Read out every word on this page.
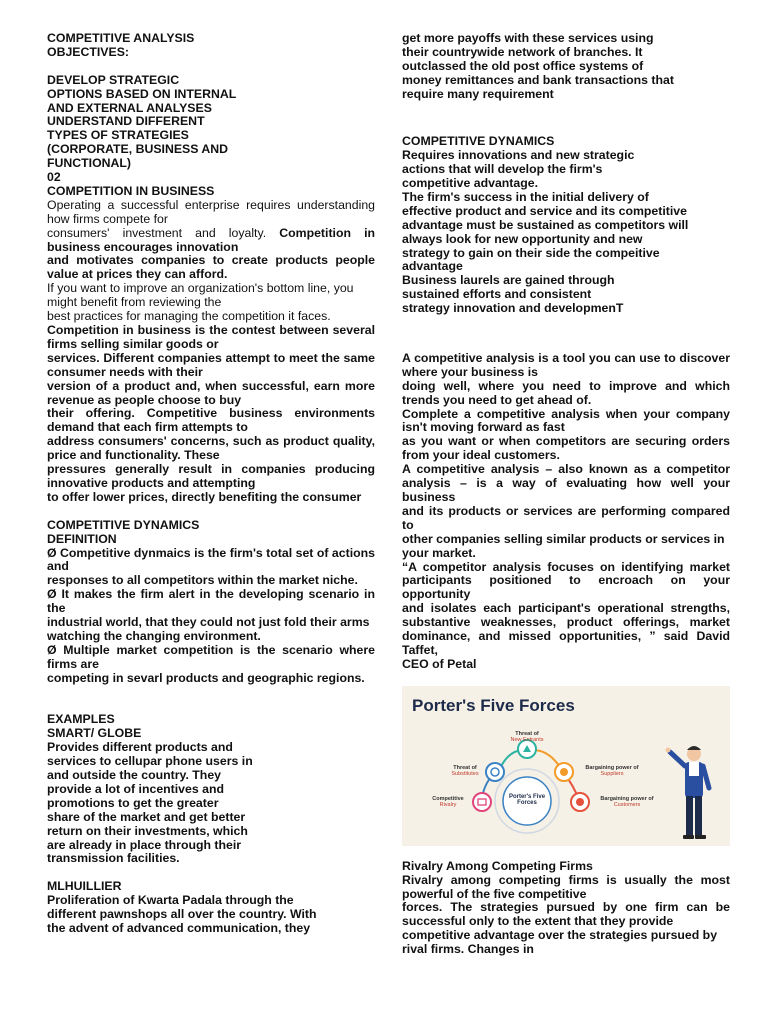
COMPETITIVE ANALYSIS
OBJECTIVES:
DEVELOP STRATEGIC
OPTIONS BASED ON INTERNAL
AND EXTERNAL ANALYSES
UNDERSTAND DIFFERENT
TYPES OF STRATEGIES
(CORPORATE, BUSINESS AND
FUNCTIONAL)
02
COMPETITION IN BUSINESS

Operating a successful enterprise requires understanding how firms compete for
consumers' investment and loyalty. Competition in business encourages innovation
and motivates companies to create products people value at prices they can afford.

If you want to improve an organization's bottom line, you might benefit from reviewing the
best practices for managing the competition it faces.

Competition in business is the contest between several firms selling similar goods or
services. Different companies attempt to meet the same consumer needs with their
version of a product and, when successful, earn more revenue as people choose to buy
their offering. Competitive business environments demand that each firm attempts to
address consumers' concerns, such as product quality, price and functionality. These
pressures generally result in companies producing innovative products and attempting
to offer lower prices, directly benefiting the consumer

COMPETITIVE DYNAMICS
DEFINITION

Ø Competitive dynmaics is the firm's total set of actions and
responses to all competitors within the market niche.
Ø It makes the firm alert in the developing scenario in the
industrial world, that they could not just fold their arms
watching the changing environment.
Ø Multiple market competition is the scenario where firms are
competing in sevarl products and geographic regions.

EXAMPLES
SMART/ GLOBE
Provides different products and
services to cellupar phone users in
and outside the country. They
provide a lot of incentives and
promotions to get the greater
share of the market and get better
return on their investments, which
are already in place through their
transmission facilities.
MLHUILLIER
Proliferation of Kwarta Padala through the
different pawnshops all over the country. With
the advent of advanced communication, they
get more payoffs with these services using
their countrywide network of branches. It
outclassed the old post office systems of
money remittances and bank transactions that
require many requirement
COMPETITIVE DYNAMICS
Requires innovations and new strategic
actions that will develop the firm's
competitive advantage.
The firm's success in the initial delivery of
effective product and service and its competitive
advantage must be sustained as competitors will
always look for new opportunity and new
strategy to gain on their side the compeitive
advantage
Business laurels are gained through
sustained efforts and consistent
strategy innovation and developmenT

A competitive analysis is a tool you can use to discover where your business is
doing well, where you need to improve and which trends you need to get ahead of.
Complete a competitive analysis when your company isn't moving forward as fast
as you want or when competitors are securing orders from your ideal customers.
A competitive analysis – also known as a competitor analysis – is a way of evaluating how well your business
and its products or services are performing compared to
other companies selling similar products or services in
your market.
“A competitor analysis focuses on identifying market participants positioned to encroach on your opportunity
and isolates each participant's operational strengths, substantive weaknesses, product offerings, market dominance, and missed opportunities, ” said David Taffet,
CEO of Petal

Porter's Five Forces
Threat of
New Entrants
Threat of
Substitutes
Bargaining power of
Suppliers
Competitive
Rivalry
Bargaining power of
Customers
Porter's Five Forces
Rivalry Among Competing Firms

Rivalry among competing firms is usually the most powerful of the five competitive
forces. The strategies pursued by one firm can be successful only to the extent that they provide
competitive advantage over the strategies pursued by
rival firms. Changes in
